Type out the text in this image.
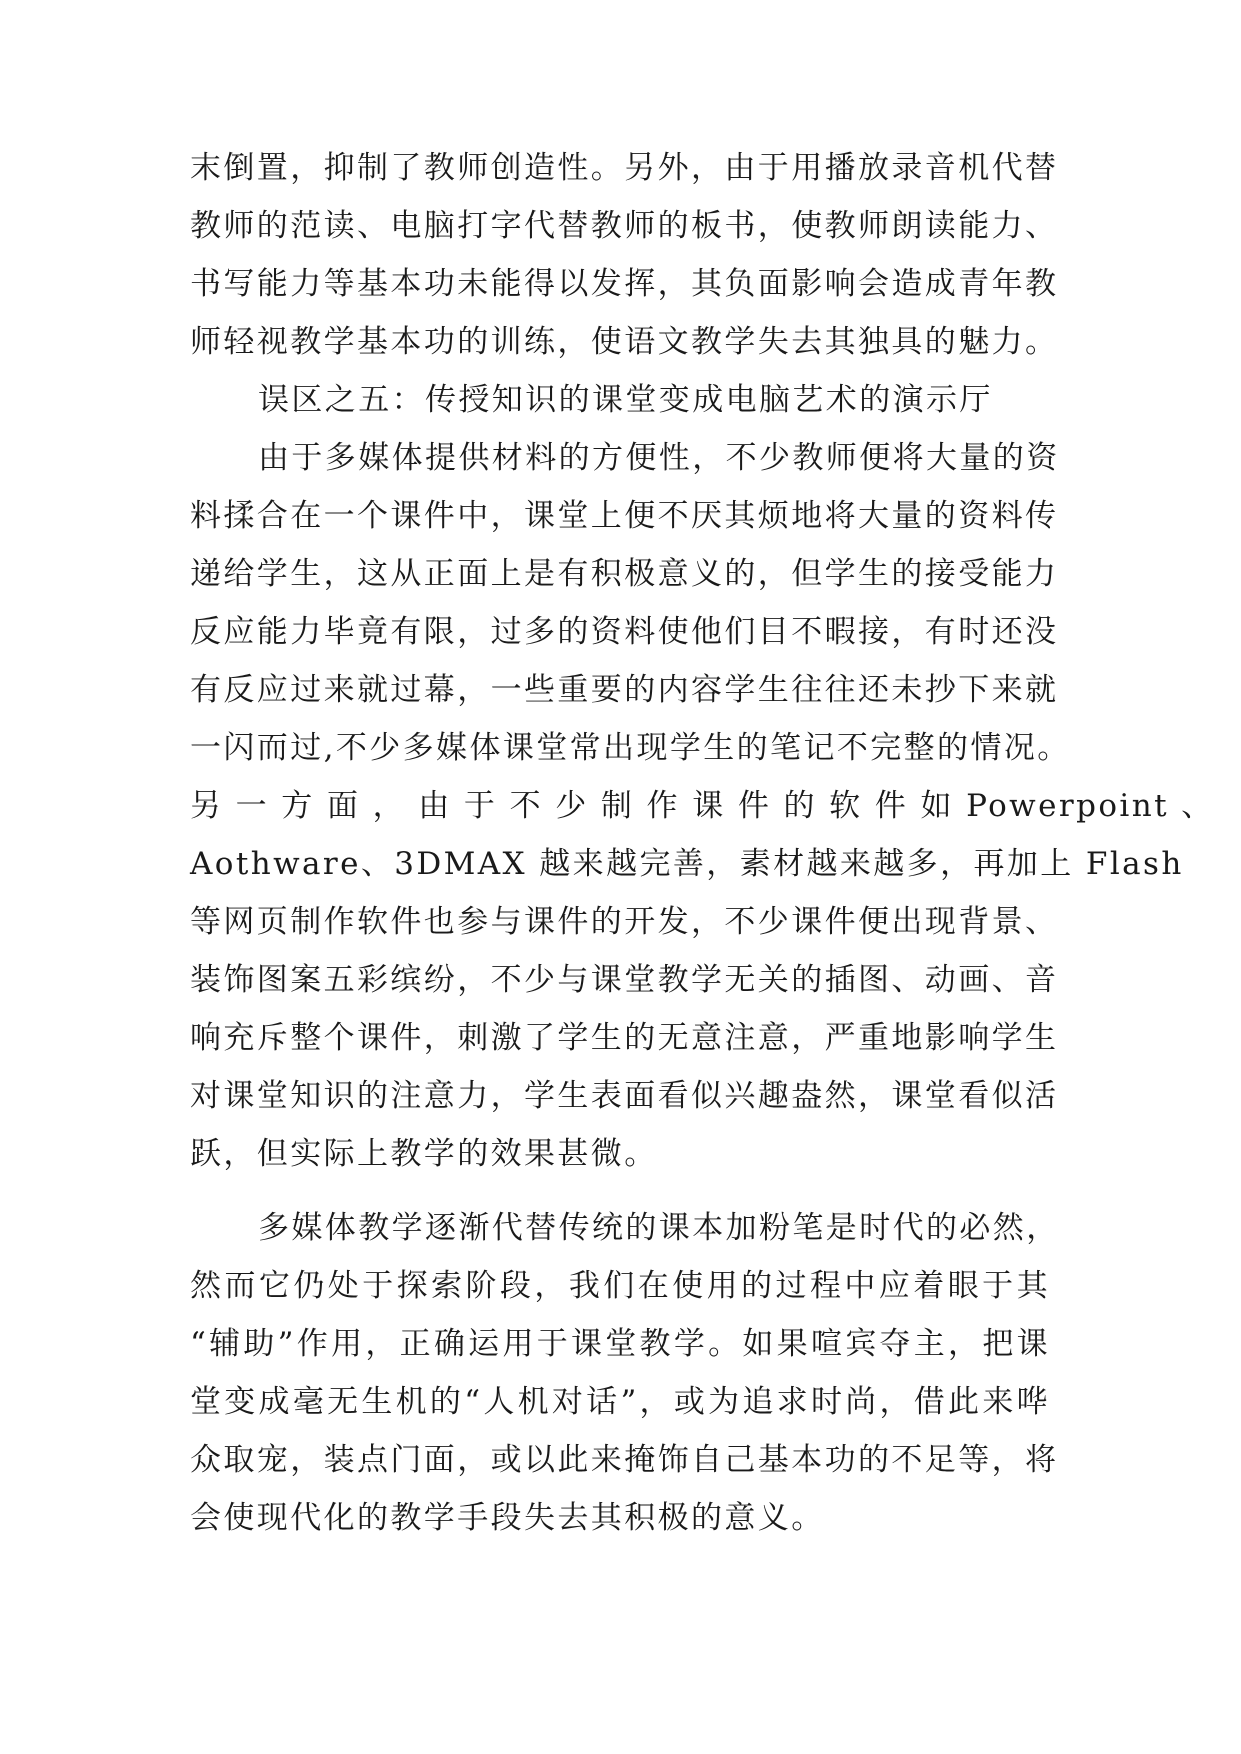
末倒置，抑制了教师创造性。另外，由于用播放录音机代替
教师的范读、电脑打字代替教师的板书，使教师朗读能力、
书写能力等基本功未能得以发挥，其负面影响会造成青年教
师轻视教学基本功的训练，使语文教学失去其独具的魅力。
误区之五：传授知识的课堂变成电脑艺术的演示厅
由于多媒体提供材料的方便性，不少教师便将大量的资
料揉合在一个课件中，课堂上便不厌其烦地将大量的资料传
递给学生，这从正面上是有积极意义的，但学生的接受能力
反应能力毕竟有限，过多的资料使他们目不暇接，有时还没
有反应过来就过幕，一些重要的内容学生往往还未抄下来就
一闪而过,不少多媒体课堂常出现学生的笔记不完整的情况。
另 一 方 面 ， 由 于 不 少 制 作 课 件 的 软 件 如 Powerpoint 、
Aothware、3DMAX 越来越完善，素材越来越多，再加上 Flash
等网页制作软件也参与课件的开发，不少课件便出现背景、
装饰图案五彩缤纷，不少与课堂教学无关的插图、动画、音
响充斥整个课件，刺激了学生的无意注意，严重地影响学生
对课堂知识的注意力，学生表面看似兴趣盎然，课堂看似活
跃，但实际上教学的效果甚微。
多媒体教学逐渐代替传统的课本加粉笔是时代的必然，
然而它仍处于探索阶段，我们在使用的过程中应着眼于其
“辅助”作用，正确运用于课堂教学。如果喧宾夺主，把课
堂变成毫无生机的“人机对话”，或为追求时尚，借此来哗
众取宠，装点门面，或以此来掩饰自己基本功的不足等，将
会使现代化的教学手段失去其积极的意义。
